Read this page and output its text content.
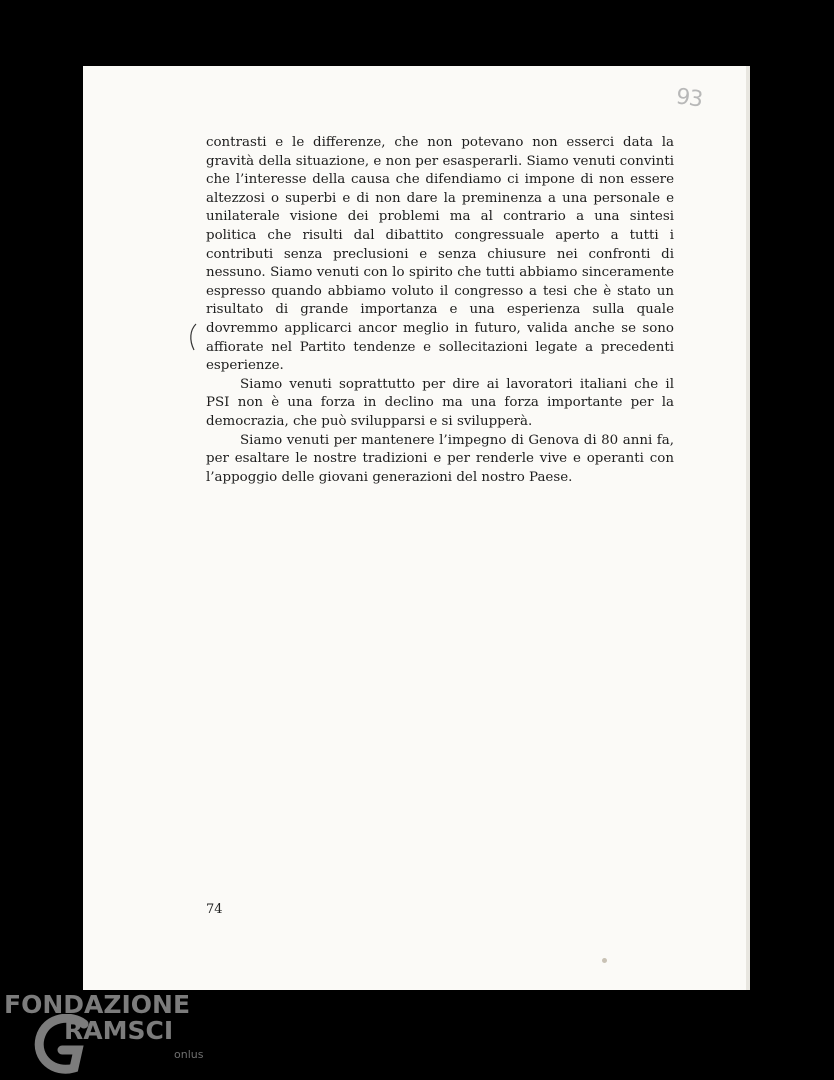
93

contrasti e le differenze, che non potevano non esserci data la gravità della situazione, e non per esasperarli. Siamo venuti convinti che l’interesse della causa che difendiamo ci impone di non essere altezzosi o superbi e di non dare la preminenza a una personale e unilaterale visione dei problemi ma al contrario a una sintesi politica che risulti dal dibattito congressuale aperto a tutti i contributi senza preclusioni e senza chiusure nei confronti di nessuno. Siamo venuti con lo spirito che tutti abbiamo sinceramente espresso quando abbiamo voluto il congresso a tesi che è stato un risultato di grande importanza e una esperienza sulla quale dovremmo applicarci ancor meglio in futuro, valida anche se sono affiorate nel Partito tendenze e sollecitazioni legate a precedenti esperienze.

Siamo venuti soprattutto per dire ai lavoratori italiani che il PSI non è una forza in declino ma una forza importante per la democrazia, che può svilupparsi e si svilupperà.

Siamo venuti per mantenere l’impegno di Genova di 80 anni fa, per esaltare le nostre tradizioni e per renderle vive e operanti con l’appoggio delle giovani generazioni del nostro Paese.

74
FONDAZIONE
RAMSCI
onlus
